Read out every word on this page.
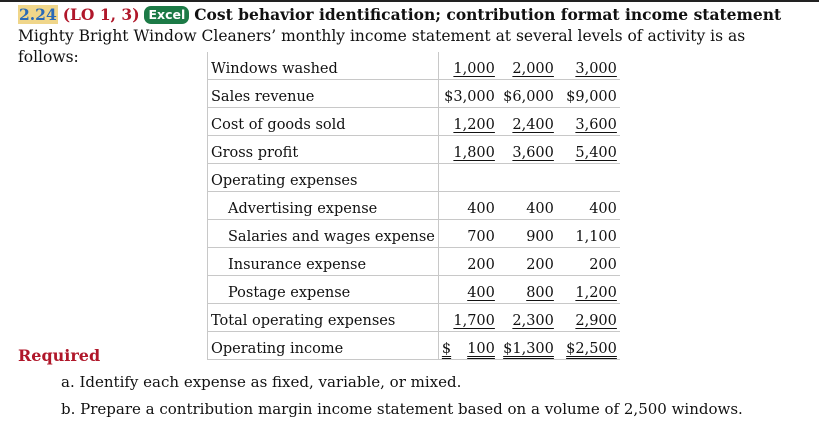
2.24 (LO 1, 3) Excel Cost behavior identification; contribution format income statement Mighty Bright Window Cleaners’ monthly income statement at several levels of activity is as follows:
Windows washed	1,000	2,000	3,000
Sales revenue	$3,000	$6,000	$9,000
Cost of goods sold	1,200	2,400	3,600
Gross profit	1,800	3,600	5,400
Operating expenses			
Advertising expense	400	400	400
Salaries and wages expense	700	900	1,100
Insurance expense	200	200	200
Postage expense	400	800	1,200
Total operating expenses	1,700	2,300	2,900
Operating income	$ 100	$1,300	$2,500
Required
a. Identify each expense as fixed, variable, or mixed.
b. Prepare a contribution margin income statement based on a volume of 2,500 windows.
